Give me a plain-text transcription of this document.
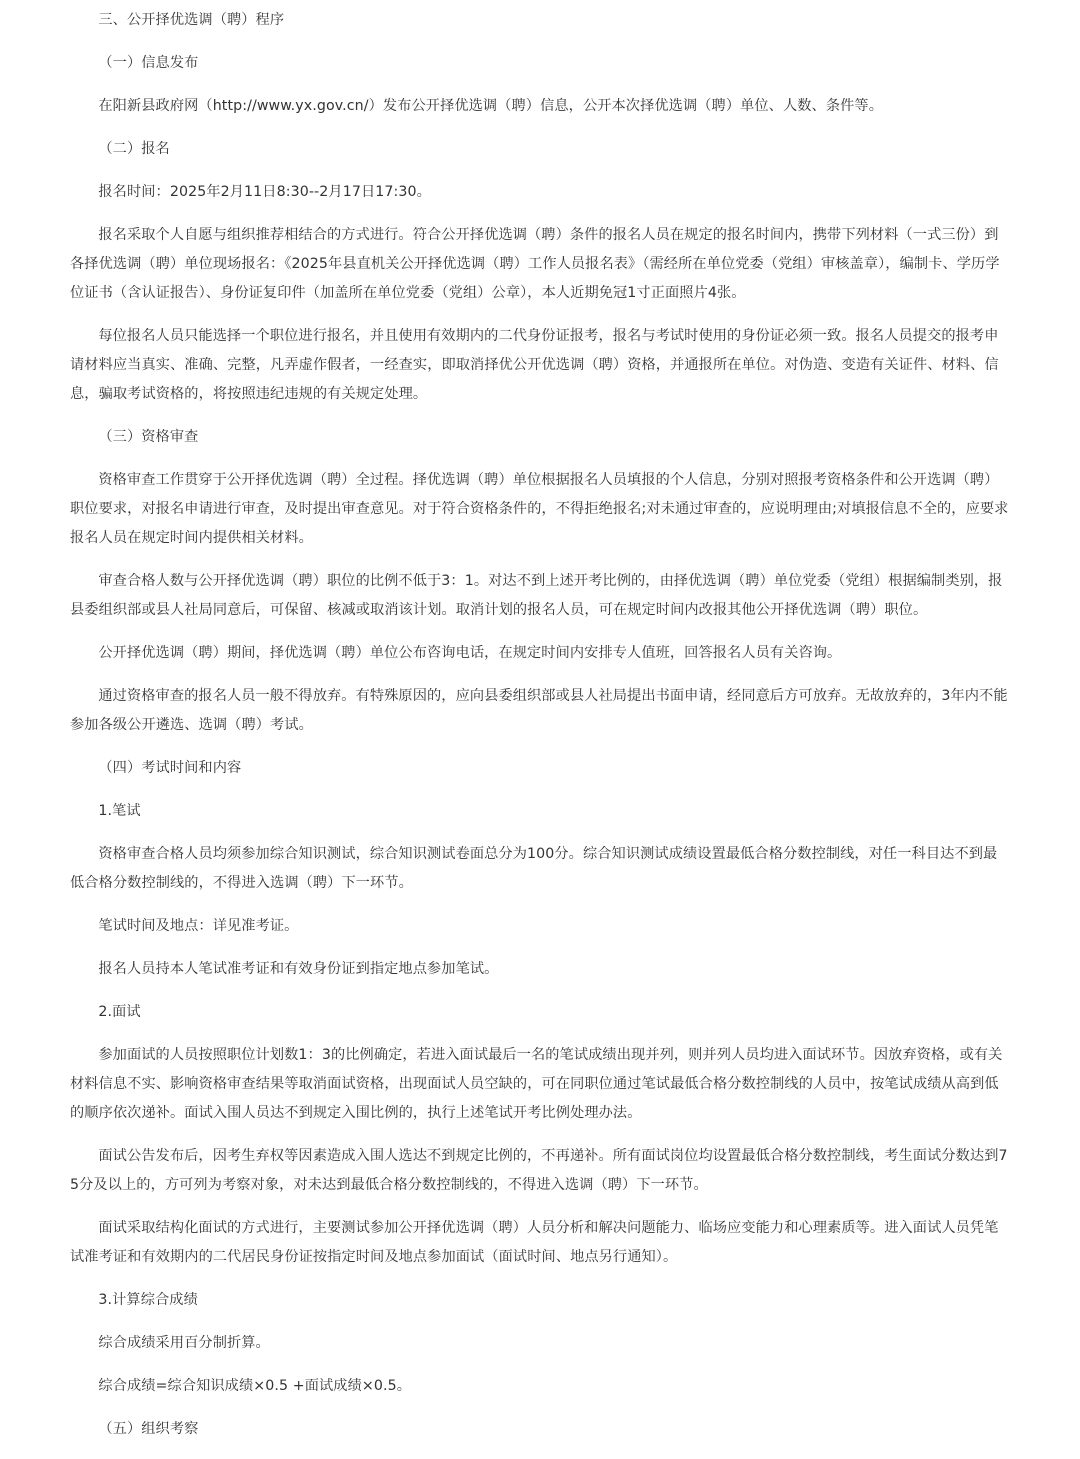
三、公开择优选调（聘）程序

（一）信息发布

在阳新县政府网（http://www.yx.gov.cn/）发布公开择优选调（聘）信息，公开本次择优选调（聘）单位、人数、条件等。

（二）报名

报名时间：2025年2月11日8:30--2月17日17:30。

报名采取个人自愿与组织推荐相结合的方式进行。符合公开择优选调（聘）条件的报名人员在规定的报名时间内，携带下列材料（一式三份）到各择优选调（聘）单位现场报名：《2025年县直机关公开择优选调（聘）工作人员报名表》（需经所在单位党委（党组）审核盖章），编制卡、学历学位证书（含认证报告）、身份证复印件（加盖所在单位党委（党组）公章），本人近期免冠1寸正面照片4张。

每位报名人员只能选择一个职位进行报名，并且使用有效期内的二代身份证报考，报名与考试时使用的身份证必须一致。报名人员提交的报考申请材料应当真实、准确、完整，凡弄虚作假者，一经查实，即取消择优公开优选调（聘）资格，并通报所在单位。对伪造、变造有关证件、材料、信息，骗取考试资格的，将按照违纪违规的有关规定处理。

（三）资格审查

资格审查工作贯穿于公开择优选调（聘）全过程。择优选调（聘）单位根据报名人员填报的个人信息，分别对照报考资格条件和公开选调（聘）职位要求，对报名申请进行审查，及时提出审查意见。对于符合资格条件的，不得拒绝报名;对未通过审查的，应说明理由;对填报信息不全的，应要求报名人员在规定时间内提供相关材料。

审查合格人数与公开择优选调（聘）职位的比例不低于3：1。对达不到上述开考比例的，由择优选调（聘）单位党委（党组）根据编制类别，报县委组织部或县人社局同意后，可保留、核减或取消该计划。取消计划的报名人员，可在规定时间内改报其他公开择优选调（聘）职位。

公开择优选调（聘）期间，择优选调（聘）单位公布咨询电话，在规定时间内安排专人值班，回答报名人员有关咨询。

通过资格审查的报名人员一般不得放弃。有特殊原因的，应向县委组织部或县人社局提出书面申请，经同意后方可放弃。无故放弃的，3年内不能参加各级公开遴选、选调（聘）考试。

（四）考试时间和内容

1.笔试

资格审查合格人员均须参加综合知识测试，综合知识测试卷面总分为100分。综合知识测试成绩设置最低合格分数控制线，对任一科目达不到最低合格分数控制线的，不得进入选调（聘）下一环节。

笔试时间及地点：详见准考证。

报名人员持本人笔试准考证和有效身份证到指定地点参加笔试。

2.面试

参加面试的人员按照职位计划数1：3的比例确定，若进入面试最后一名的笔试成绩出现并列，则并列人员均进入面试环节。因放弃资格，或有关材料信息不实、影响资格审查结果等取消面试资格，出现面试人员空缺的，可在同职位通过笔试最低合格分数控制线的人员中，按笔试成绩从高到低的顺序依次递补。面试入围人员达不到规定入围比例的，执行上述笔试开考比例处理办法。

面试公告发布后，因考生弃权等因素造成入围人选达不到规定比例的，不再递补。所有面试岗位均设置最低合格分数控制线，考生面试分数达到75分及以上的，方可列为考察对象，对未达到最低合格分数控制线的，不得进入选调（聘）下一环节。

面试采取结构化面试的方式进行，主要测试参加公开择优选调（聘）人员分析和解决问题能力、临场应变能力和心理素质等。进入面试人员凭笔试准考证和有效期内的二代居民身份证按指定时间及地点参加面试（面试时间、地点另行通知）。

3.计算综合成绩

综合成绩采用百分制折算。

综合成绩=综合知识成绩×0.5 +面试成绩×0.5。

（五）组织考察
